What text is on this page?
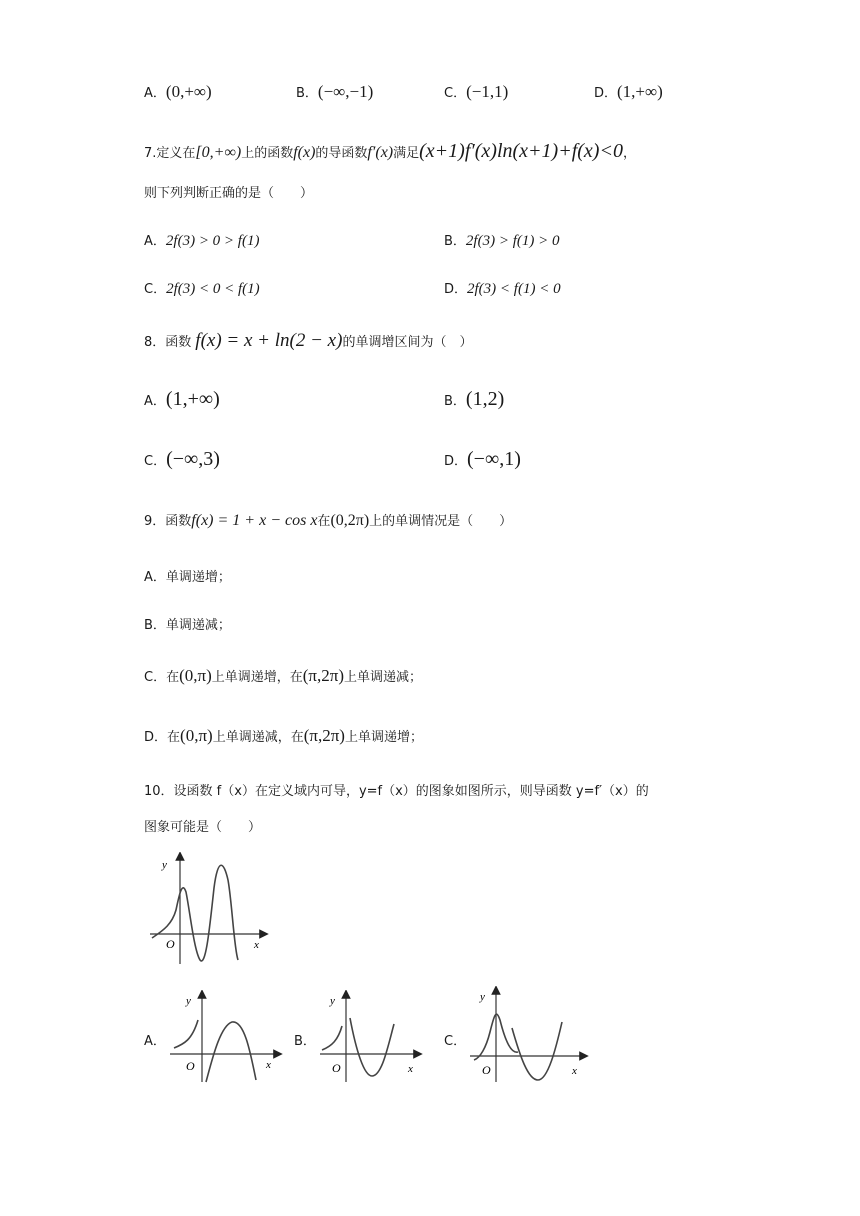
A．(0,+∞)	B．(−∞,−1)	C．(−1,1)	D．(1,+∞)
7.定义在[0,+∞)上的函数f(x)的导函数f′(x)满足(x+1)f′(x)ln(x+1)+f(x)<0，
则下列判断正确的是（　　）
A．2f(3) > 0 > f(1)	B．2f(3) > f(1) > 0
C．2f(3) < 0 < f(1)	D．2f(3) < f(1) < 0
8．函数 f(x) = x + ln(2 − x)的单调增区间为（　）
A．(1,+∞)	B．(1,2)
C．(−∞,3)	D．(−∞,1)
9．函数f(x) = 1 + x − cos x在(0,2π)上的单调情况是（　　）
A．单调递增；
B．单调递减；
C．在(0,π)上单调递增，在(π,2π)上单调递减；
D．在(0,π)上单调递减，在(π,2π)上单调递增；
10．设函数 f（x）在定义域内可导，y=f（x）的图象如图所示，则导函数 y=f′（x）的
图象可能是（　　）
y
x
O
A．
y
x
O
B．
y
x
O
C．
y
x
O
